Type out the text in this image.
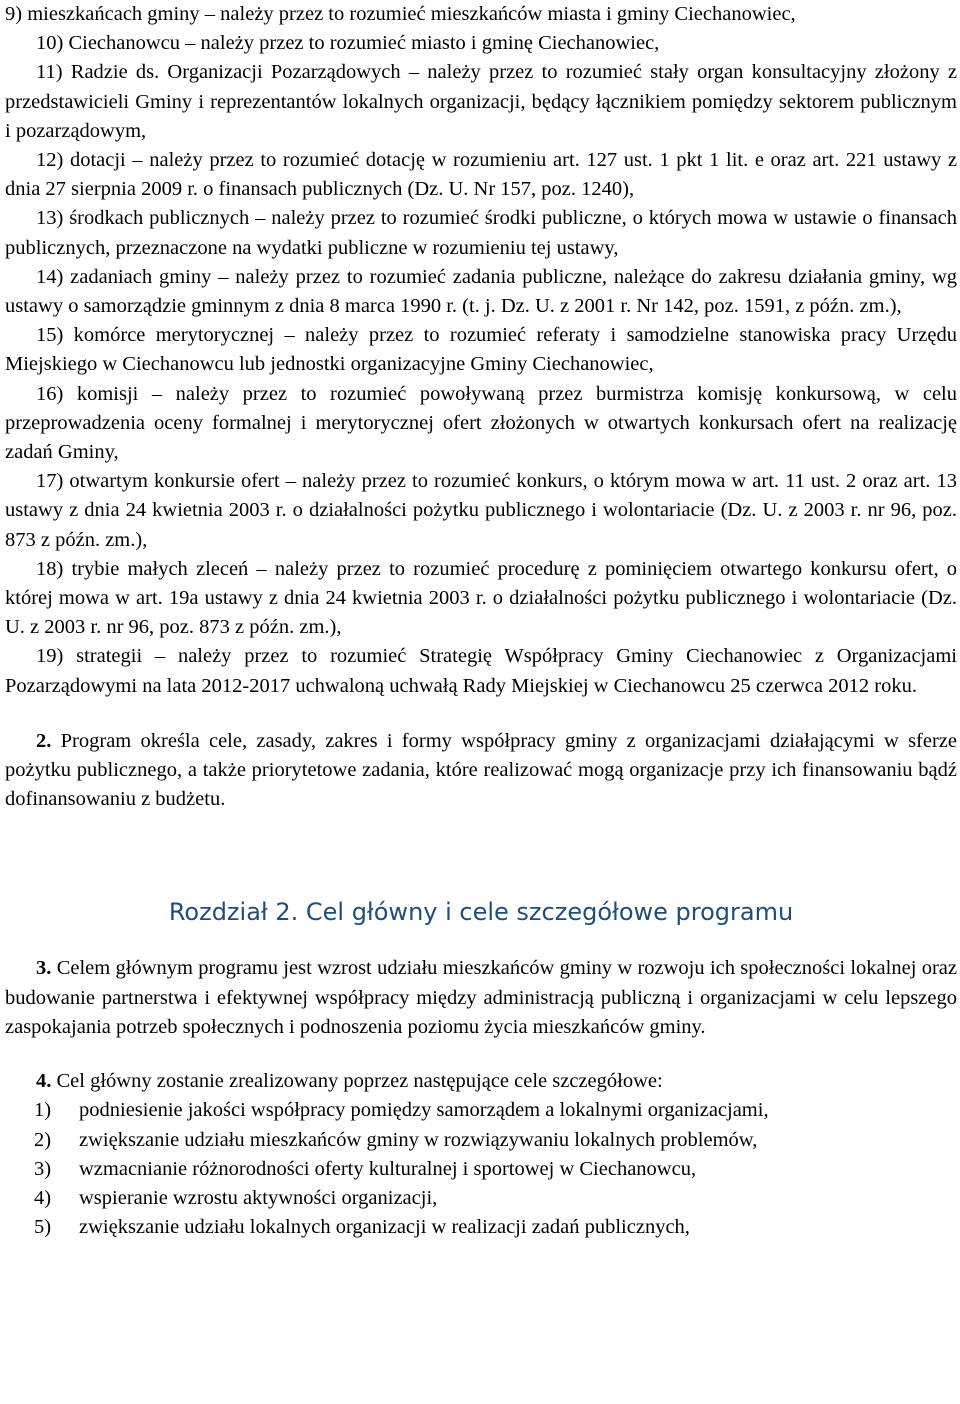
9) mieszkańcach gminy – należy przez to rozumieć mieszkańców miasta i gminy Ciechanowiec,

10) Ciechanowcu – należy przez to rozumieć miasto i gminę Ciechanowiec,

11) Radzie ds. Organizacji Pozarządowych – należy przez to rozumieć stały organ konsultacyjny złożony z przedstawicieli Gminy i reprezentantów lokalnych organizacji, będący łącznikiem pomiędzy sektorem publicznym i pozarządowym,

12) dotacji – należy przez to rozumieć dotację w rozumieniu art. 127 ust. 1 pkt 1 lit. e oraz art. 221 ustawy z dnia 27 sierpnia 2009 r. o finansach publicznych (Dz. U. Nr 157, poz. 1240),

13) środkach publicznych – należy przez to rozumieć środki publiczne, o których mowa w ustawie o finansach publicznych, przeznaczone na wydatki publiczne w rozumieniu tej ustawy,

14) zadaniach gminy – należy przez to rozumieć zadania publiczne, należące do zakresu działania gminy, wg ustawy o samorządzie gminnym z dnia 8 marca 1990 r. (t. j. Dz. U. z 2001 r. Nr 142, poz. 1591, z późn. zm.),

15) komórce merytorycznej – należy przez to rozumieć referaty i samodzielne stanowiska pracy Urzędu Miejskiego w Ciechanowcu lub jednostki organizacyjne Gminy Ciechanowiec,

16) komisji – należy przez to rozumieć powoływaną przez burmistrza komisję konkursową, w celu przeprowadzenia oceny formalnej i merytorycznej ofert złożonych w otwartych konkursach ofert na realizację zadań Gminy,

17) otwartym konkursie ofert – należy przez to rozumieć konkurs, o którym mowa w art. 11 ust. 2 oraz art. 13 ustawy z dnia 24 kwietnia 2003 r. o działalności pożytku publicznego i wolontariacie (Dz. U. z 2003 r. nr 96, poz. 873 z późn. zm.),

18) trybie małych zleceń – należy przez to rozumieć procedurę z pominięciem otwartego konkursu ofert, o której mowa w art. 19a ustawy z dnia 24 kwietnia 2003 r. o działalności pożytku publicznego i wolontariacie (Dz. U. z 2003 r. nr 96, poz. 873 z późn. zm.),

19) strategii – należy przez to rozumieć Strategię Współpracy Gminy Ciechanowiec z Organizacjami Pozarządowymi na lata 2012-2017 uchwaloną uchwałą Rady Miejskiej w Ciechanowcu 25 czerwca 2012 roku.

2. Program określa cele, zasady, zakres i formy współpracy gminy z organizacjami działającymi w sferze pożytku publicznego, a także priorytetowe zadania, które realizować mogą organizacje przy ich finansowaniu bądź dofinansowaniu z budżetu.

Rozdział 2. Cel główny i cele szczegółowe programu

3. Celem głównym programu jest wzrost udziału mieszkańców gminy w rozwoju ich społeczności lokalnej oraz budowanie partnerstwa i efektywnej współpracy między administracją publiczną i organizacjami w celu lepszego zaspokajania potrzeb społecznych i podnoszenia poziomu życia mieszkańców gminy.

4. Cel główny zostanie zrealizowany poprzez następujące cele szczegółowe:

1) podniesienie jakości współpracy pomiędzy samorządem a lokalnymi organizacjami,
2) zwiększanie udziału mieszkańców gminy w rozwiązywaniu lokalnych problemów,
3) wzmacnianie różnorodności oferty kulturalnej i sportowej w Ciechanowcu,
4) wspieranie wzrostu aktywności organizacji,
5) zwiększanie udziału lokalnych organizacji w realizacji zadań publicznych,
